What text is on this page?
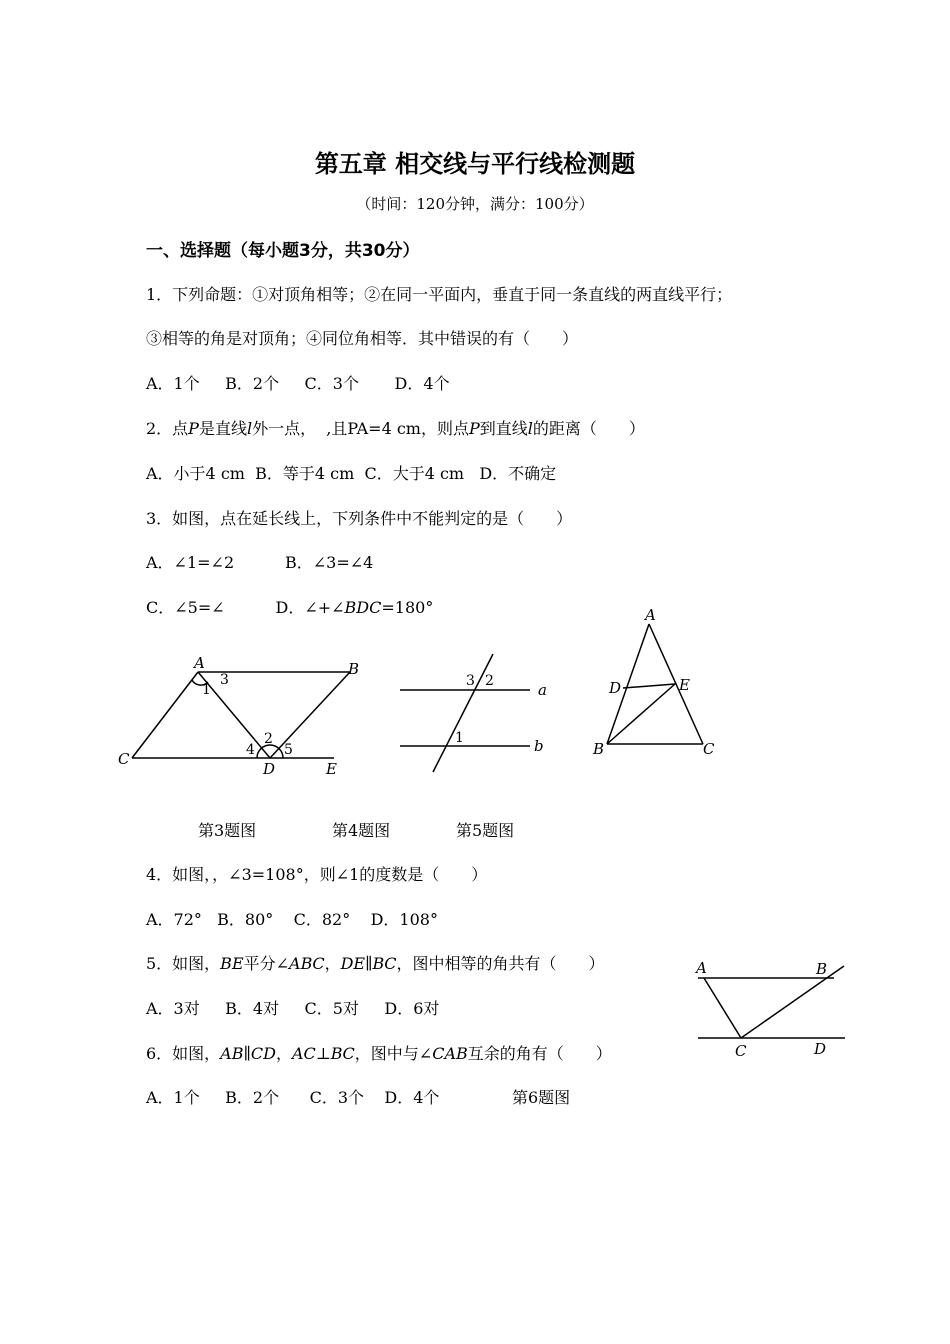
第五章 相交线与平行线检测题
（时间：120分钟，满分：100分）
一、选择题（每小题3分，共30分）
1．下列命题：①对顶角相等；②在同一平面内，垂直于同一条直线的两直线平行；
③相等的角是对顶角；④同位角相等．其中错误的有（　　）
A．1个     B．2个     C．3个       D．4个
2．点𝑃是直线𝑙外一点，  ,且PA=4 cm，则点𝑃到直线𝑙的距离（　　）
A．小于4 cm  B．等于4 cm  C．大于4 cm   D．不确定
3．如图，点在延长线上，下列条件中不能判定的是（　　）
A．∠1=∠2          B．∠3=∠4
C．∠5=∠          D．∠+∠𝐵𝐷𝐶=180°
A	B
C
D	E
1
3
2
4 5
3 2
1
a
b
A
D	E
B	C
第3题图	第4题图	第5题图
4．如图，，∠3=108°，则∠1的度数是（　　）
A．72°   B．80°    C．82°    D．108°
5．如图，𝐵𝐸平分∠𝐴𝐵𝐶，𝐷𝐸∥𝐵𝐶，图中相等的角共有（　　）
A．3对     B．4对     C．5对     D．6对
6．如图，𝐴𝐵∥𝐶𝐷，𝐴𝐶⊥𝐵𝐶，图中与∠𝐶𝐴𝐵互余的角有（　　）
A．1个     B．2个      C．3个    D．4个
A	B
C	D
第6题图
